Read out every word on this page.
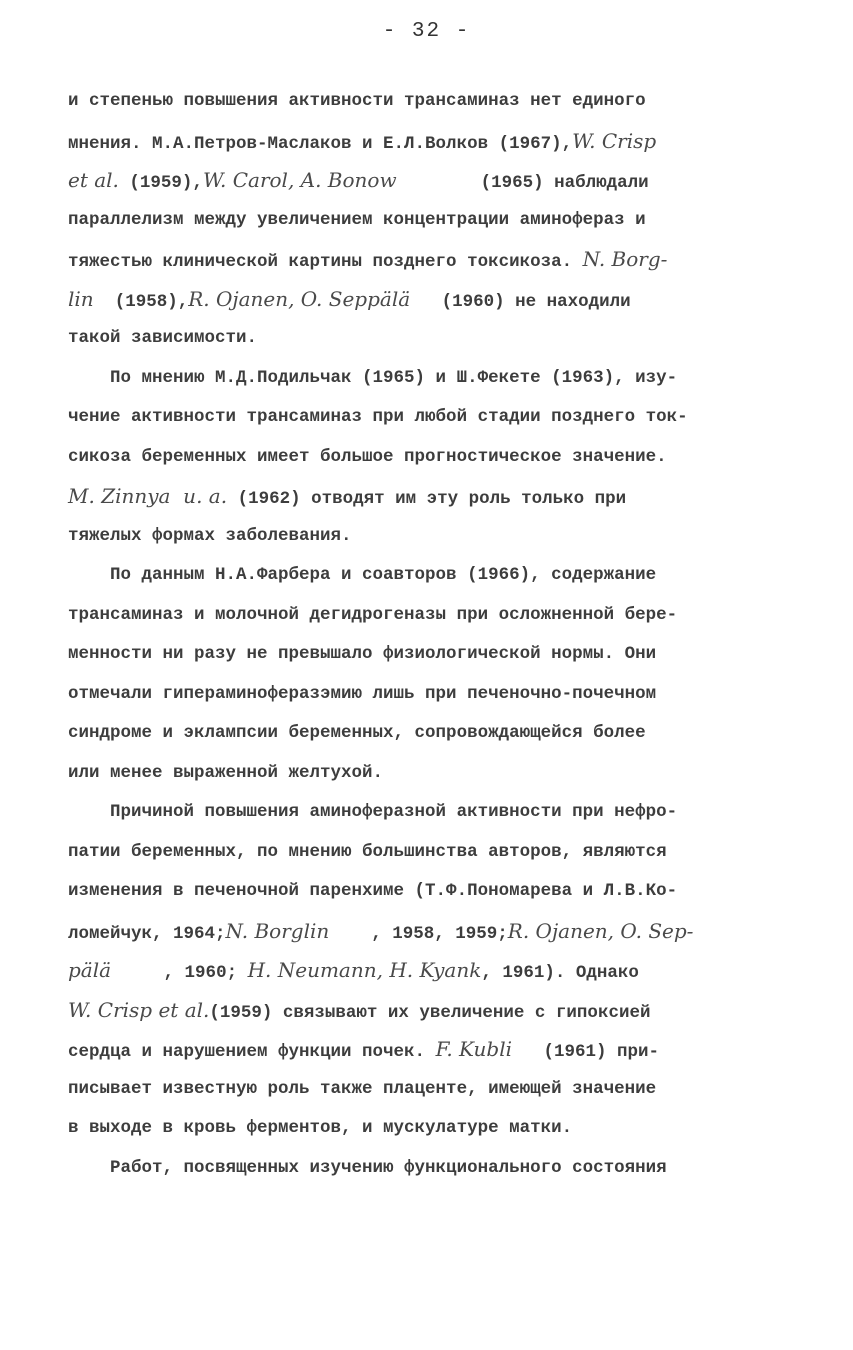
- 32 -
и степенью повышения активности трансаминаз нет единого
мнения. М.А.Петров-Маслаков и Е.Л.Волков (1967),W. Crisp
et al. (1959),W. Carol, A. Bonow        (1965) наблюдали
параллелизм между увеличением концентрации аминофераз и
тяжестью клинической картины позднего токсикоза. N. Borg-
lin  (1958),R. Ojanen, O. Seppälä   (1960) не находили
такой зависимости.
По мнению М.Д.Подильчак (1965) и Ш.Фекете (1963), изу-
чение активности трансаминаз при любой стадии позднего ток-
сикоза беременных имеет большое прогностическое значение.
M. Zinnya  u. a. (1962) отводят им эту роль только при
тяжелых формах заболевания.
По данным Н.А.Фарбера и соавторов (1966), содержание
трансаминаз и молочной дегидрогеназы при осложненной бере-
менности ни разу не превышало физиологической нормы. Они
отмечали гипераминоферазэмию лишь при печеночно-почечном
синдроме и эклампсии беременных, сопровождающейся более
или менее выраженной желтухой.
Причиной повышения аминоферазной активности при нефро-
патии беременных, по мнению большинства авторов, являются
изменения в печеночной паренхиме (Т.Ф.Пономарева и Л.В.Ко-
ломейчук, 1964;N. Borglin    , 1958, 1959;R. Ojanen, O. Sep-
pälä     , 1960; H. Neumann, H. Kyank, 1961). Однако
W. Crisp et al.(1959) связывают их увеличение с гипоксией
сердца и нарушением функции почек. F. Kubli   (1961) при-
писывает известную роль также плаценте, имеющей значение
в выходе в кровь ферментов, и мускулатуре матки.
Работ, посвященных изучению функционального состояния
